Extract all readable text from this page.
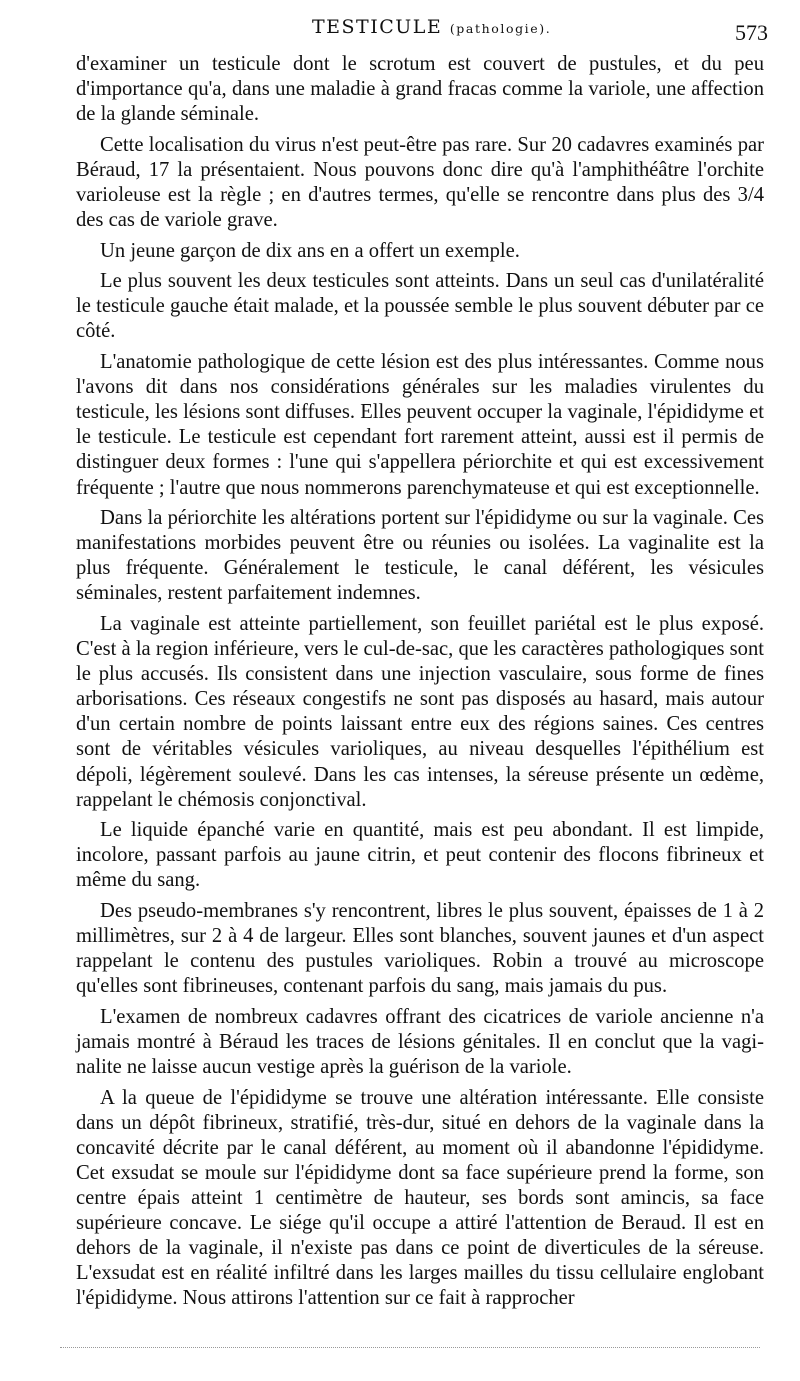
TESTICULE (pathologie).	573

d'examiner un testicule dont le scrotum est couvert de pustules, et du peu d'importance qu'a, dans une maladie à grand fracas comme la variole, une affection de la glande séminale.

Cette localisation du virus n'est peut-être pas rare. Sur 20 cadavres examinés par Béraud, 17 la présentaient. Nous pouvons donc dire qu'à l'amphithéâtre l'orchite varioleuse est la règle ; en d'autres termes, qu'elle se rencontre dans plus des 3/4 des cas de variole grave.

Un jeune garçon de dix ans en a offert un exemple.

Le plus souvent les deux testicules sont atteints. Dans un seul cas d'unilatéralité le testicule gauche était malade, et la poussée semble le plus souvent débuter par ce côté.

L'anatomie pathologique de cette lésion est des plus intéressantes. Comme nous l'avons dit dans nos considérations générales sur les maladies virulentes du testicule, les lésions sont diffuses. Elles peuvent occuper la vaginale, l'épididyme et le testicule. Le testicule est cependant fort rarement atteint, aussi est il permis de distinguer deux formes : l'une qui s'appellera périorchite et qui est excessivement fréquente ; l'autre que nous nommerons parenchymateuse et qui est exceptionnelle.

Dans la périorchite les altérations portent sur l'épididyme ou sur la vaginale. Ces manifestations morbides peuvent être ou réunies ou isolées. La vaginalite est la plus fréquente. Généralement le testicule, le canal déférent, les vésicules séminales, restent parfaitement indemnes.

La vaginale est atteinte partiellement, son feuillet pariétal est le plus exposé. C'est à la region inférieure, vers le cul-de-sac, que les caractères pathologiques sont le plus accusés. Ils consistent dans une injection vasculaire, sous forme de fines arborisations. Ces réseaux congestifs ne sont pas disposés au hasard, mais autour d'un certain nombre de points laissant entre eux des régions saines. Ces centres sont de véritables vésicules varioliques, au niveau desquelles l'épithélium est dépoli, légèrement soulevé. Dans les cas intenses, la séreuse présente un œdème, rappelant le chémosis conjonctival.

Le liquide épanché varie en quantité, mais est peu abondant. Il est limpide, incolore, passant parfois au jaune citrin, et peut contenir des flocons fibrineux et même du sang.

Des pseudo-membranes s'y rencontrent, libres le plus souvent, épaisses de 1 à 2 millimètres, sur 2 à 4 de largeur. Elles sont blanches, souvent jaunes et d'un aspect rappelant le contenu des pustules varioliques. Robin a trouvé au microscope qu'elles sont fibrineuses, contenant parfois du sang, mais jamais du pus.

L'examen de nombreux cadavres offrant des cicatrices de variole ancienne n'a jamais montré à Béraud les traces de lésions génitales. Il en conclut que la vaginalite ne laisse aucun vestige après la guérison de la variole.

A la queue de l'épididyme se trouve une altération intéressante. Elle consiste dans un dépôt fibrineux, stratifié, très-dur, situé en dehors de la vaginale dans la concavité décrite par le canal déférent, au moment où il abandonne l'épididyme. Cet exsudat se moule sur l'épididyme dont sa face supérieure prend la forme, son centre épais atteint 1 centimètre de hauteur, ses bords sont amincis, sa face supérieure concave. Le siége qu'il occupe a attiré l'attention de Beraud. Il est en dehors de la vaginale, il n'existe pas dans ce point de diverticules de la séreuse. L'exsudat est en réalité infiltré dans les larges mailles du tissu cellulaire englobant l'épididyme. Nous attirons l'attention sur ce fait à rapprocher
